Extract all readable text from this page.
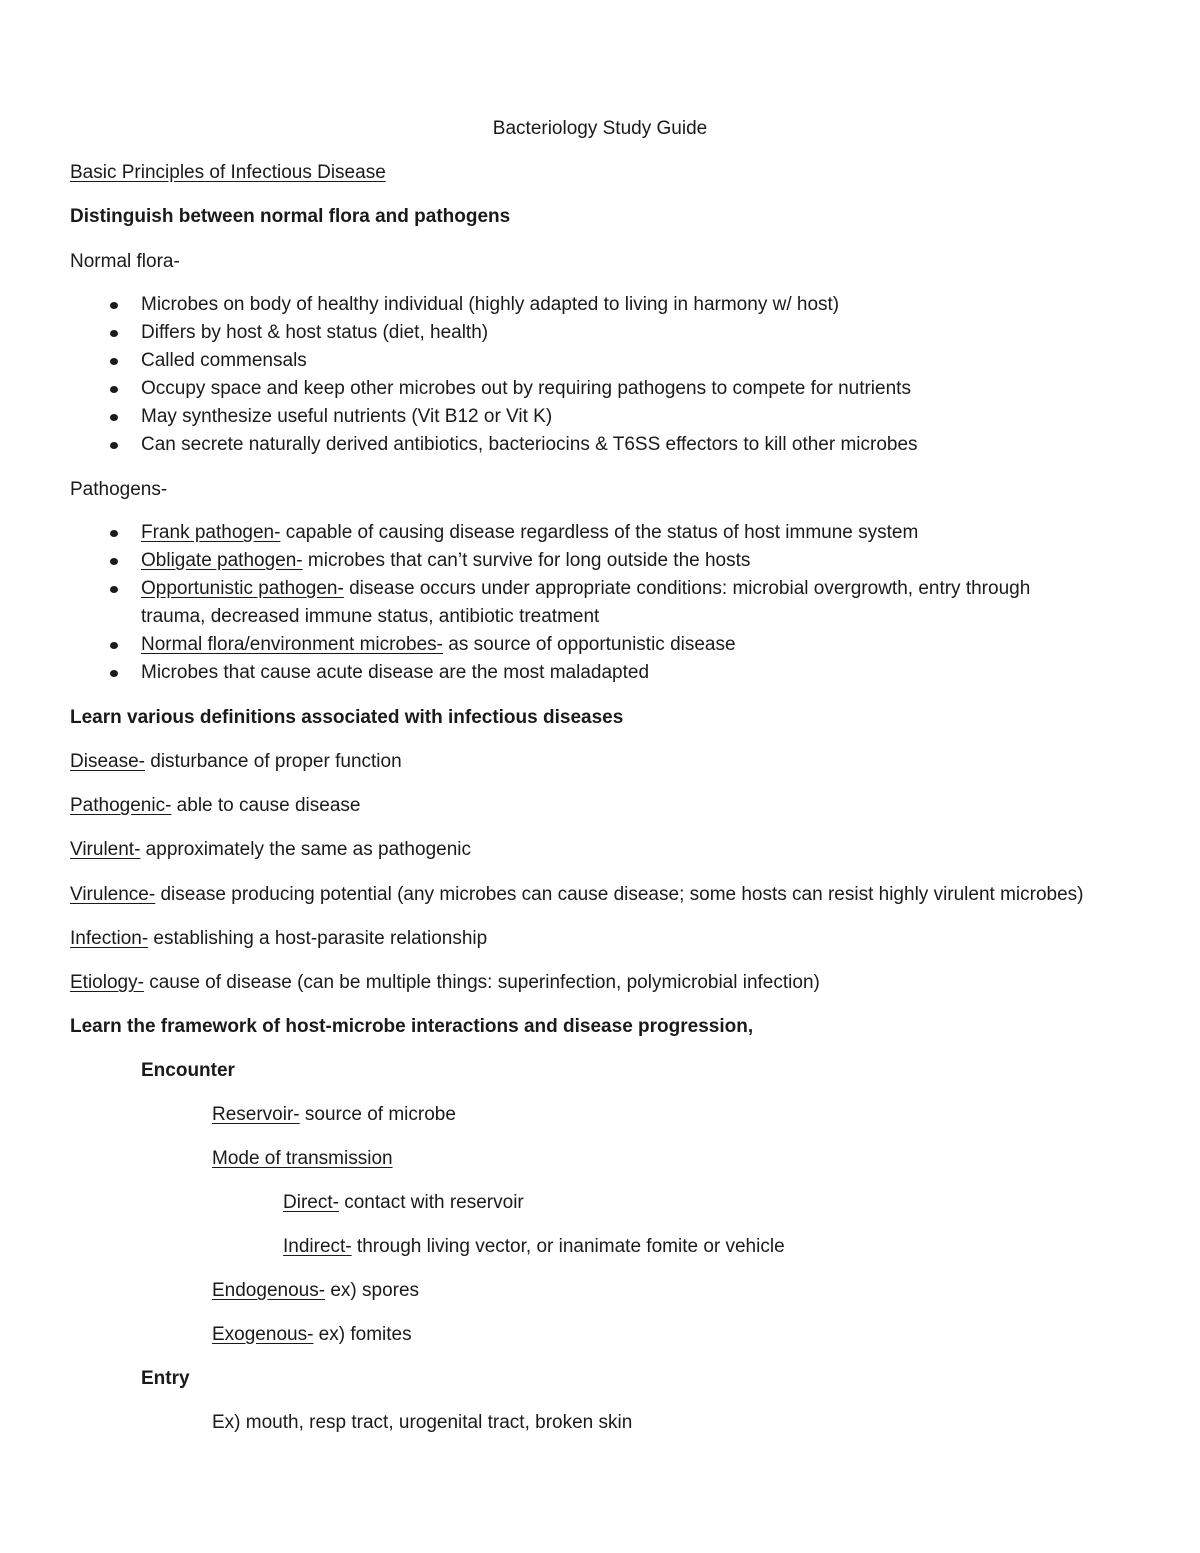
Bacteriology Study Guide
Basic Principles of Infectious Disease
Distinguish between normal flora and pathogens
Normal flora-
Microbes on body of healthy individual (highly adapted to living in harmony w/ host)
Differs by host & host status (diet, health)
Called commensals
Occupy space and keep other microbes out by requiring pathogens to compete for nutrients
May synthesize useful nutrients (Vit B12 or Vit K)
Can secrete naturally derived antibiotics, bacteriocins & T6SS effectors to kill other microbes
Pathogens-
Frank pathogen- capable of causing disease regardless of the status of host immune system
Obligate pathogen- microbes that can’t survive for long outside the hosts
Opportunistic pathogen- disease occurs under appropriate conditions: microbial overgrowth, entry through
trauma, decreased immune status, antibiotic treatment
Normal flora/environment microbes- as source of opportunistic disease
Microbes that cause acute disease are the most maladapted
Learn various definitions associated with infectious diseases
Disease- disturbance of proper function
Pathogenic- able to cause disease
Virulent- approximately the same as pathogenic
Virulence- disease producing potential (any microbes can cause disease; some hosts can resist highly virulent microbes)
Infection- establishing a host-parasite relationship
Etiology- cause of disease (can be multiple things: superinfection, polymicrobial infection)
Learn the framework of host-microbe interactions and disease progression,
Encounter
Reservoir- source of microbe
Mode of transmission
Direct- contact with reservoir
Indirect- through living vector, or inanimate fomite or vehicle
Endogenous- ex) spores
Exogenous- ex) fomites
Entry
Ex) mouth, resp tract, urogenital tract, broken skin
